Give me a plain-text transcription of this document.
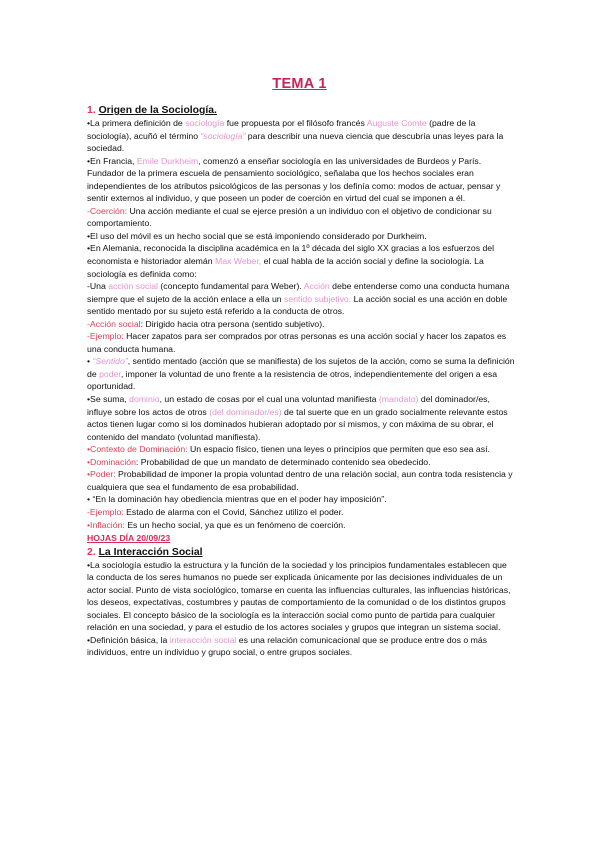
TEMA 1

1. Origen de la Sociología.

•La primera definición de sociología fue propuesta por el filósofo francés Auguste Comte (padre de la sociología), acuñó el término “sociología” para describir una nueva ciencia que descubría unas leyes para la sociedad.

•En Francia, Emile Durkheim, comenzó a enseñar sociología en las universidades de Burdeos y París. Fundador de la primera escuela de pensamiento sociológico, señalaba que los hechos sociales eran independientes de los atributos psicológicos de las personas y los definía como: modos de actuar, pensar y sentir externos al individuo, y que poseen un poder de coerción en virtud del cual se imponen a él.

-Coerción: Una acción mediante el cual se ejerce presión a un individuo con el objetivo de condicionar su comportamiento.

•El uso del móvil es un hecho social que se está imponiendo considerado por Durkheim.

•En Alemania, reconocida la disciplina académica en la 1º década del siglo XX gracias a los esfuerzos del economista e historiador alemán Max Weber, el cual habla de la acción social y define la sociología. La sociología es definida como:

-Una acción social (concepto fundamental para Weber). Acción debe entenderse como una conducta humana siempre que el sujeto de la acción enlace a ella un sentido subjetivo. La acción social es una acción en doble sentido mentado por su sujeto está referido a la conducta de otros.

-Acción social: Dirigido hacia otra persona (sentido subjetivo).

-Ejemplo: Hacer zapatos para ser comprados por otras personas es una acción social y hacer los zapatos es una conducta humana.

• “Sentido”, sentido mentado (acción que se manifiesta) de los sujetos de la acción, como se suma la definición de poder, imponer la voluntad de uno frente a la resistencia de otros, independientemente del origen a esa oportunidad.

•Se suma, dominio, un estado de cosas por el cual una voluntad manifiesta (mandato) del dominador/es, influye sobre los actos de otros (del dominador/es) de tal suerte que en un grado socialmente relevante estos actos tienen lugar como si los dominados hubieran adoptado por sí mismos, y con máxima de su obrar, el contenido del mandato (voluntad manifiesta).

•Contexto de Dominación: Un espacio físico, tienen una leyes o principios que permiten que eso sea así.

•Dominación: Probabilidad de que un mandato de determinado contenido sea obedecido.

•Poder: Probabilidad de imponer la propia voluntad dentro de una relación social, aun contra toda resistencia y cualquiera que sea el fundamento de esa probabilidad.

• “En la dominación hay obediencia mientras que en el poder hay imposición”.

-Ejemplo: Estado de alarma con el Covid, Sánchez utilizo el poder.

•Inflación: Es un hecho social, ya que es un fenómeno de coerción.

HOJAS DÍA 20/09/23

2. La Interacción Social

•La sociología estudio la estructura y la función de la sociedad y los principios fundamentales establecen que la conducta de los seres humanos no puede ser explicada únicamente por las decisiones individuales de un actor social. Punto de vista sociológico, tomarse en cuenta las influencias culturales, las influencias históricas, los deseos, expectativas, costumbres y pautas de comportamiento de la comunidad o de los distintos grupos sociales. El concepto básico de la sociología es la interacción social como punto de partida para cualquier relación en una sociedad, y para el estudio de los actores sociales y grupos que integran un sistema social.

•Definición básica, la interacción social es una relación comunicacional que se produce entre dos o más individuos, entre un individuo y grupo social, o entre grupos sociales.
